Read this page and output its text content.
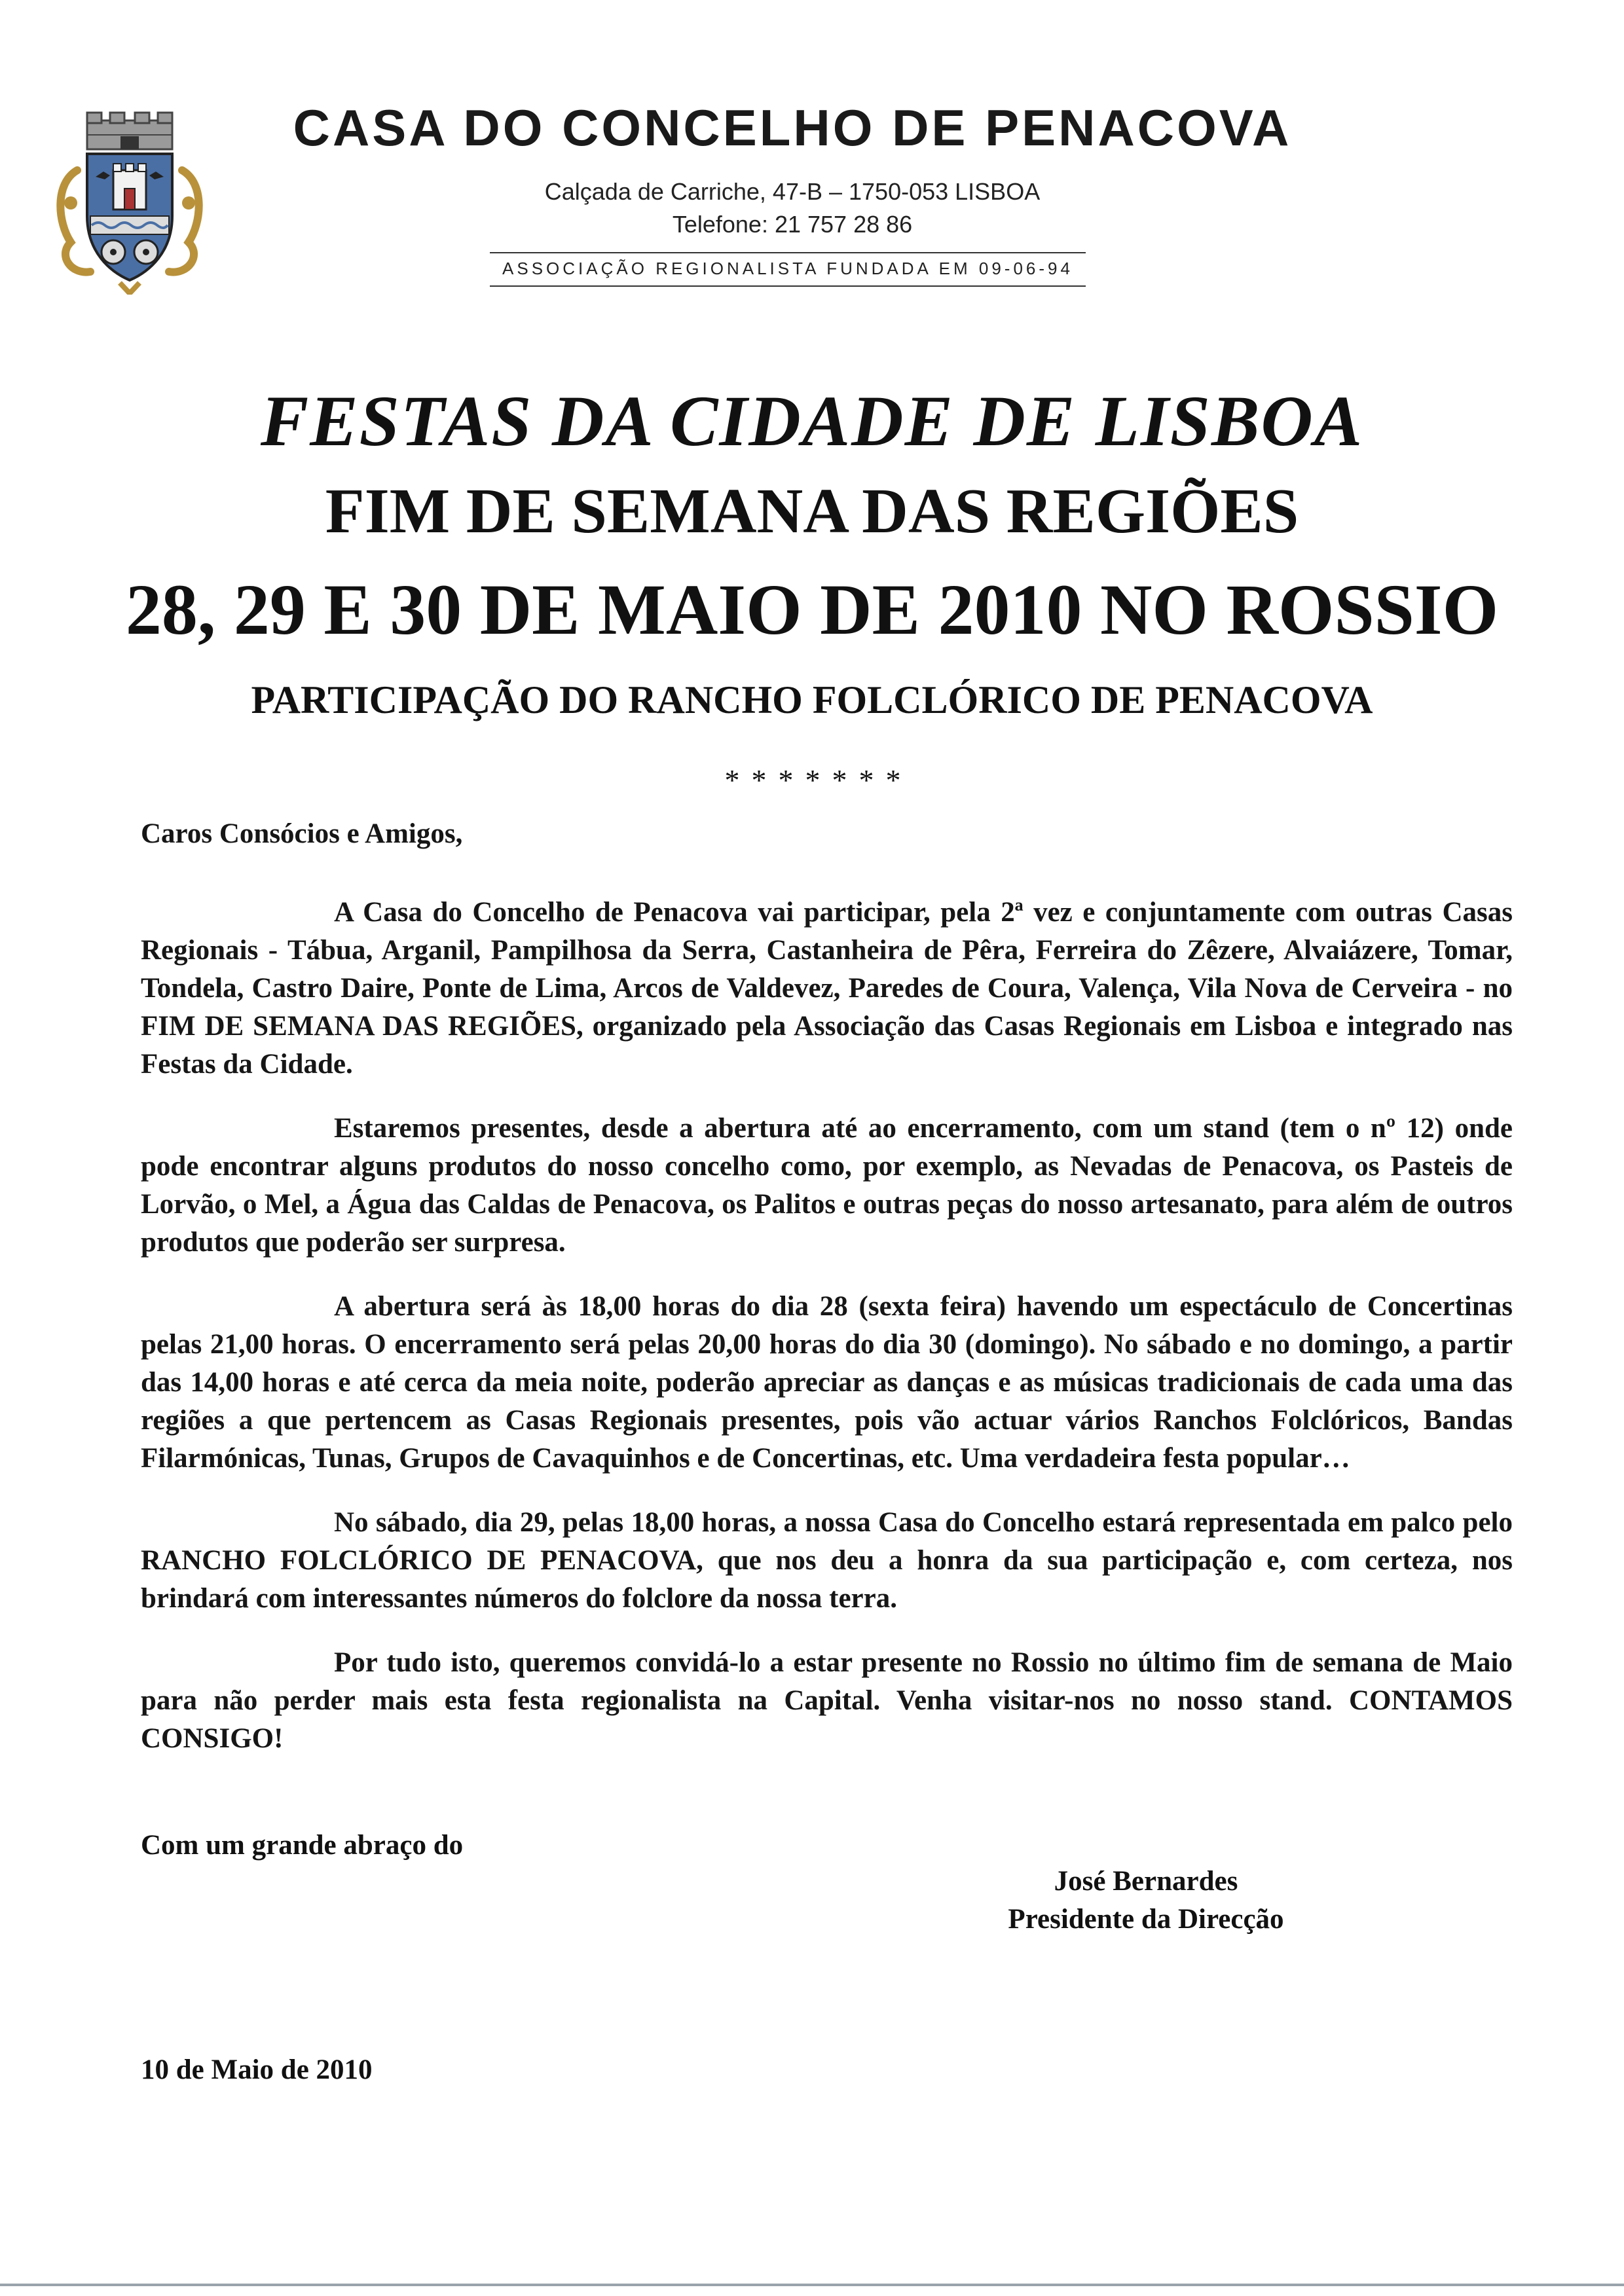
CASA DO CONCELHO DE PENACOVA
Calçada de Carriche, 47-B – 1750-053 LISBOA
Telefone: 21 757 28 86
ASSOCIAÇÃO REGIONALISTA FUNDADA EM 09-06-94
FESTAS DA CIDADE DE LISBOA
FIM DE SEMANA DAS REGIÕES
28, 29 E 30 DE MAIO DE 2010 NO ROSSIO
PARTICIPAÇÃO DO RANCHO FOLCLÓRICO DE PENACOVA
*******

Caros Consócios e Amigos,

A Casa do Concelho de Penacova vai participar, pela 2ª vez e conjuntamente com outras Casas Regionais - Tábua, Arganil, Pampilhosa da Serra, Castanheira de Pêra, Ferreira do Zêzere, Alvaiázere, Tomar, Tondela, Castro Daire, Ponte de Lima, Arcos de Valdevez, Paredes de Coura, Valença, Vila Nova de Cerveira - no FIM DE SEMANA DAS REGIÕES, organizado pela Associação das Casas Regionais em Lisboa e integrado nas Festas da Cidade.

Estaremos presentes, desde a abertura até ao encerramento, com um stand (tem o nº 12) onde pode encontrar alguns produtos do nosso concelho como, por exemplo, as Nevadas de Penacova, os Pasteis de Lorvão, o Mel, a Água das Caldas de Penacova, os Palitos e outras peças do nosso artesanato, para além de outros produtos que poderão ser surpresa.

A abertura será às 18,00 horas do dia 28 (sexta feira) havendo um espectáculo de Concertinas pelas 21,00 horas. O encerramento será pelas 20,00 horas do dia 30 (domingo). No sábado e no domingo, a partir das 14,00 horas e até cerca da meia noite, poderão apreciar as danças e as músicas tradicionais de cada uma das regiões a que pertencem as Casas Regionais presentes, pois vão actuar vários Ranchos Folclóricos, Bandas Filarmónicas, Tunas, Grupos de Cavaquinhos e de Concertinas, etc. Uma verdadeira festa popular…

No sábado, dia 29, pelas 18,00 horas, a nossa Casa do Concelho estará representada em palco pelo RANCHO FOLCLÓRICO DE PENACOVA, que nos deu a honra da sua participação e, com certeza, nos brindará com interessantes números do folclore da nossa terra.

Por tudo isto, queremos convidá-lo a estar presente no Rossio no último fim de semana de Maio para não perder mais esta festa regionalista na Capital. Venha visitar-nos no nosso stand. CONTAMOS CONSIGO!

Com um grande abraço do
José Bernardes
Presidente da Direcção
10 de Maio de 2010
